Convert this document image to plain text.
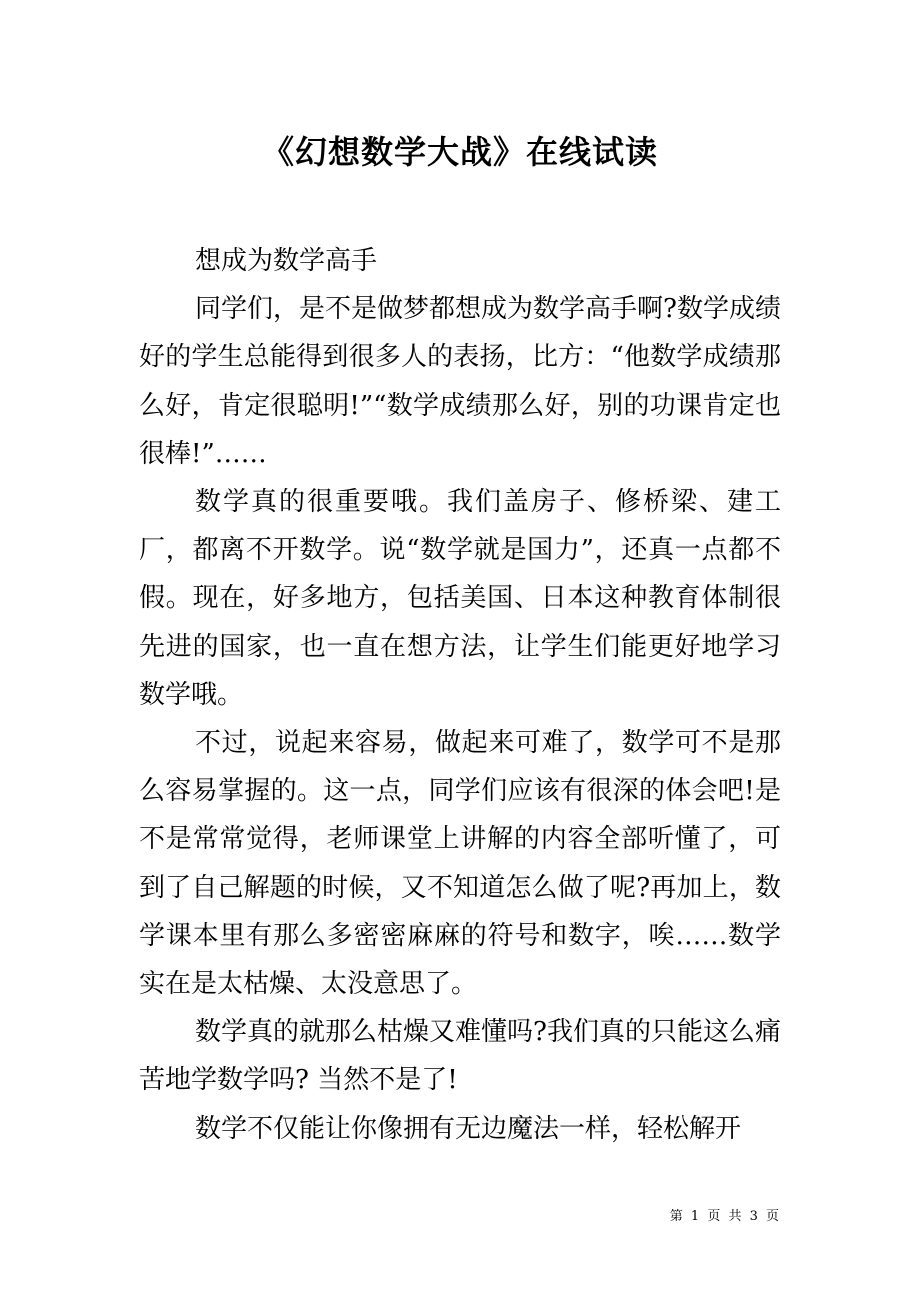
《幻想数学大战》在线试读

想成为数学高手

同学们，是不是做梦都想成为数学高手啊?数学成绩好的学生总能得到很多人的表扬，比方：“他数学成绩那么好，肯定很聪明!”“数学成绩那么好，别的功课肯定也很棒!”……

数学真的很重要哦。我们盖房子、修桥梁、建工厂，都离不开数学。说“数学就是国力”，还真一点都不假。现在，好多地方，包括美国、日本这种教育体制很先进的国家，也一直在想方法，让学生们能更好地学习数学哦。

不过，说起来容易，做起来可难了，数学可不是那么容易掌握的。这一点，同学们应该有很深的体会吧!是不是常常觉得，老师课堂上讲解的内容全部听懂了，可到了自己解题的时候，又不知道怎么做了呢?再加上，数学课本里有那么多密密麻麻的符号和数字，唉……数学实在是太枯燥、太没意思了。

数学真的就那么枯燥又难懂吗?我们真的只能这么痛苦地学数学吗? 当然不是了!

数学不仅能让你像拥有无边魔法一样，轻松解开

第 1 页 共 3 页
